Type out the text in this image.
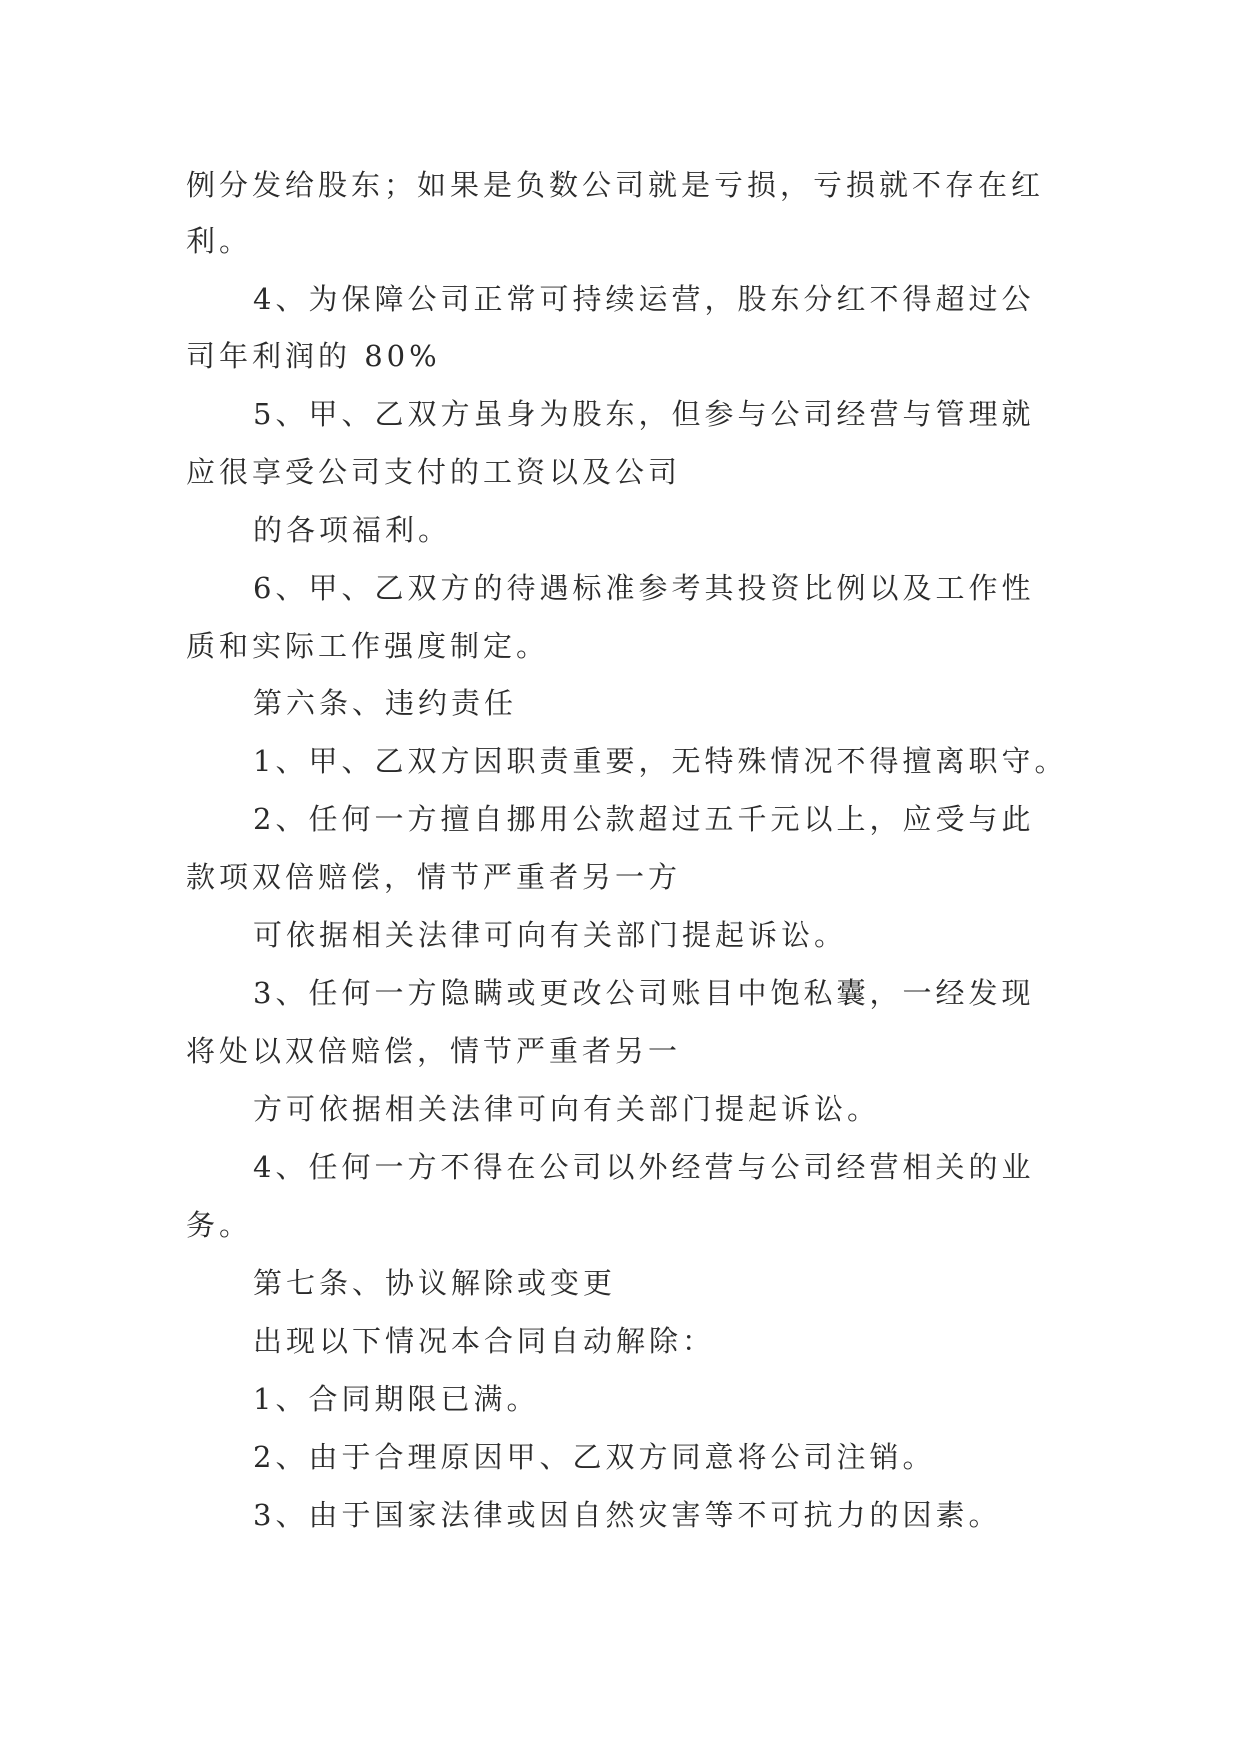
例分发给股东；如果是负数公司就是亏损，亏损就不存在红
利。
4、为保障公司正常可持续运营，股东分红不得超过公
司年利润的 80%
5、甲、乙双方虽身为股东，但参与公司经营与管理就
应很享受公司支付的工资以及公司
的各项福利。
6、甲、乙双方的待遇标准参考其投资比例以及工作性
质和实际工作强度制定。
第六条、违约责任
1、甲、乙双方因职责重要，无特殊情况不得擅离职守。
2、任何一方擅自挪用公款超过五千元以上，应受与此
款项双倍赔偿，情节严重者另一方
可依据相关法律可向有关部门提起诉讼。
3、任何一方隐瞒或更改公司账目中饱私囊，一经发现
将处以双倍赔偿，情节严重者另一
方可依据相关法律可向有关部门提起诉讼。
4、任何一方不得在公司以外经营与公司经营相关的业
务。
第七条、协议解除或变更
出现以下情况本合同自动解除：
1、合同期限已满。
2、由于合理原因甲、乙双方同意将公司注销。
3、由于国家法律或因自然灾害等不可抗力的因素。
